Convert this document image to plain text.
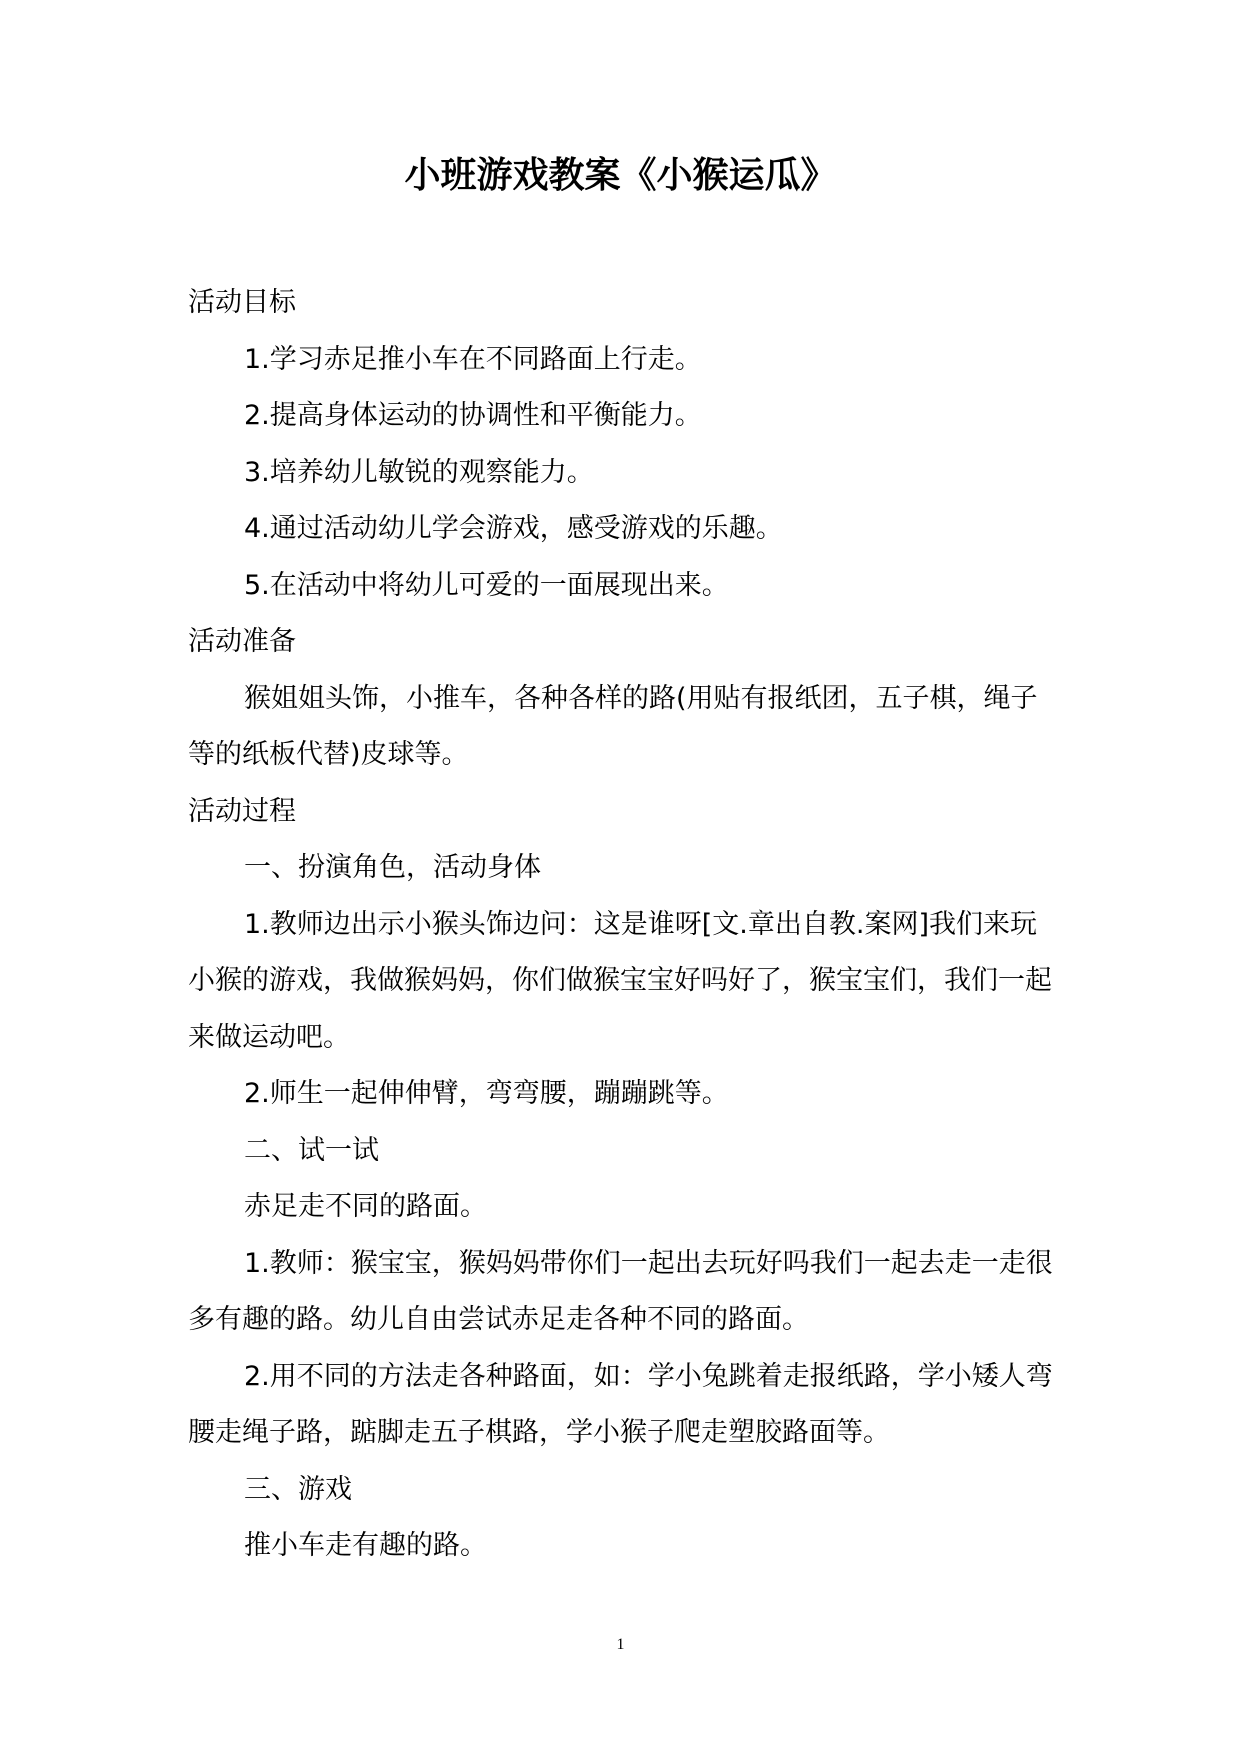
小班游戏教案《小猴运瓜》

活动目标

1.学习赤足推小车在不同路面上行走。

2.提高身体运动的协调性和平衡能力。

3.培养幼儿敏锐的观察能力。

4.通过活动幼儿学会游戏，感受游戏的乐趣。

5.在活动中将幼儿可爱的一面展现出来。

活动准备

猴姐姐头饰，小推车，各种各样的路(用贴有报纸团，五子棋，绳子等的纸板代替)皮球等。

活动过程

一、扮演角色，活动身体

1.教师边出示小猴头饰边问：这是谁呀[文.章出自教.案网]我们来玩小猴的游戏，我做猴妈妈，你们做猴宝宝好吗好了，猴宝宝们，我们一起来做运动吧。

2.师生一起伸伸臂，弯弯腰，蹦蹦跳等。

二、试一试

赤足走不同的路面。

1.教师：猴宝宝，猴妈妈带你们一起出去玩好吗我们一起去走一走很多有趣的路。幼儿自由尝试赤足走各种不同的路面。

2.用不同的方法走各种路面，如：学小兔跳着走报纸路，学小矮人弯腰走绳子路，踮脚走五子棋路，学小猴子爬走塑胶路面等。

三、游戏

推小车走有趣的路。

1
